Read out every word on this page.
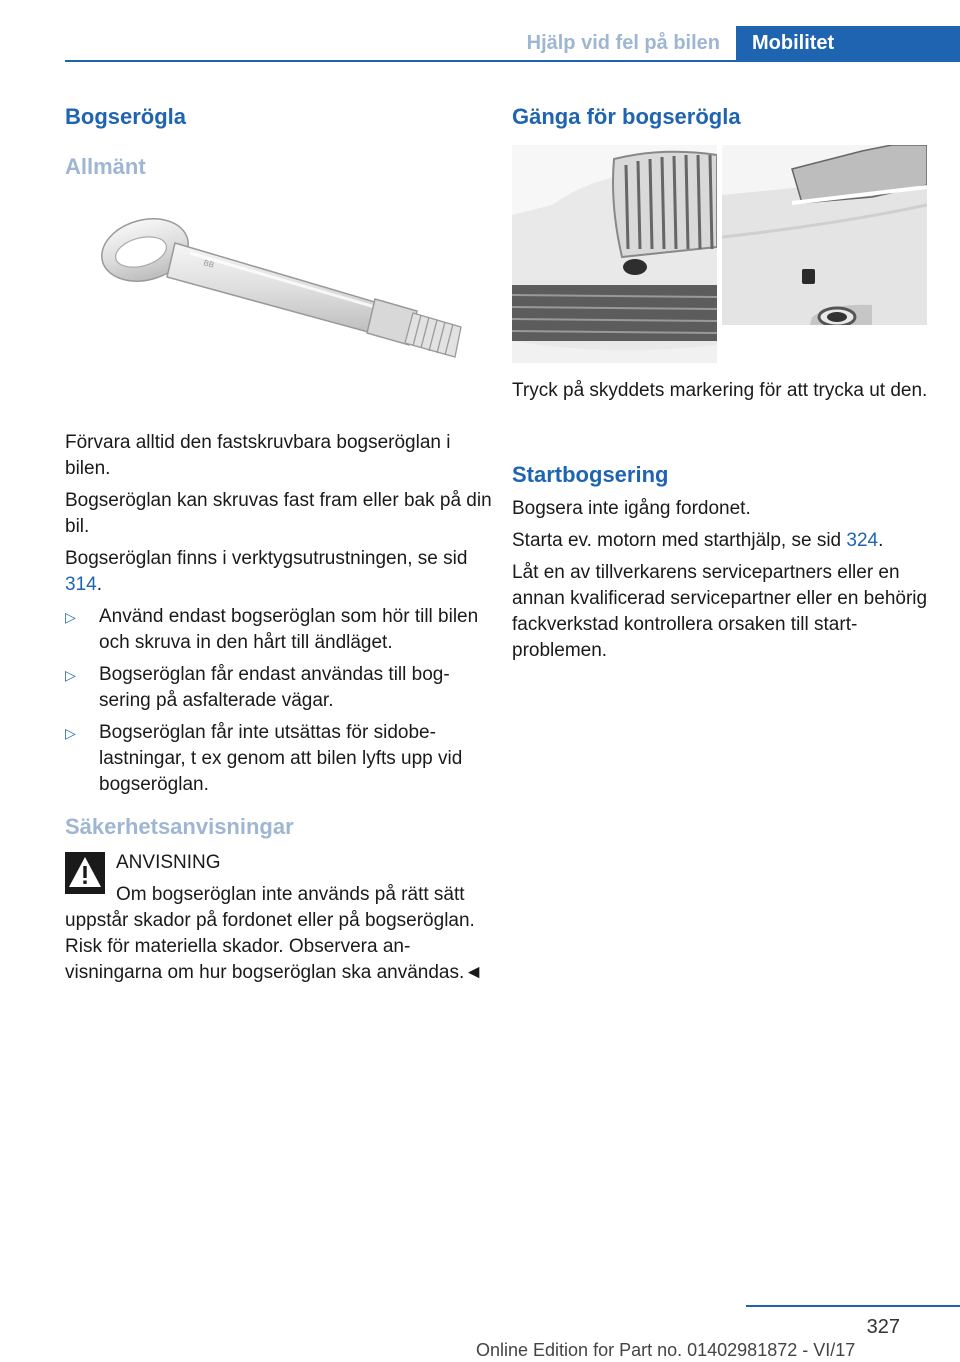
Hjälp vid fel på bilen	Mobilitet
Bogserögla
Allmänt
BB
Förvara alltid den fastskruvbara bogseröglan i bilen.
Bogseröglan kan skruvas fast fram eller bak på din bil.
Bogseröglan finns i verktygsutrustningen, se sid 314.
▷ Använd endast bogseröglan som hör till bilen och skruva in den hårt till ändläget.
▷ Bogseröglan får endast användas till bogsering på asfalterade vägar.
▷ Bogseröglan får inte utsättas för sidobelastningar, t ex genom att bilen lyfts upp vid bogseröglan.
Säkerhetsanvisningar
ANVISNING
Om bogseröglan inte används på rätt sätt
uppstår skador på fordonet eller på bogseröglan. Risk för materiella skador. Observera anvisningarna om hur bogseröglan ska användas.◄
Gänga för bogserögla
Tryck på skyddets markering för att trycka ut den.
Startbogsering
Bogsera inte igång fordonet.
Starta ev. motorn med starthjälp, se sid 324.
Låt en av tillverkarens servicepartners eller en annan kvalificerad servicepartner eller en behörig fackverkstad kontrollera orsaken till startproblemen.
327
Online Edition for Part no. 01402981872 - VI/17
